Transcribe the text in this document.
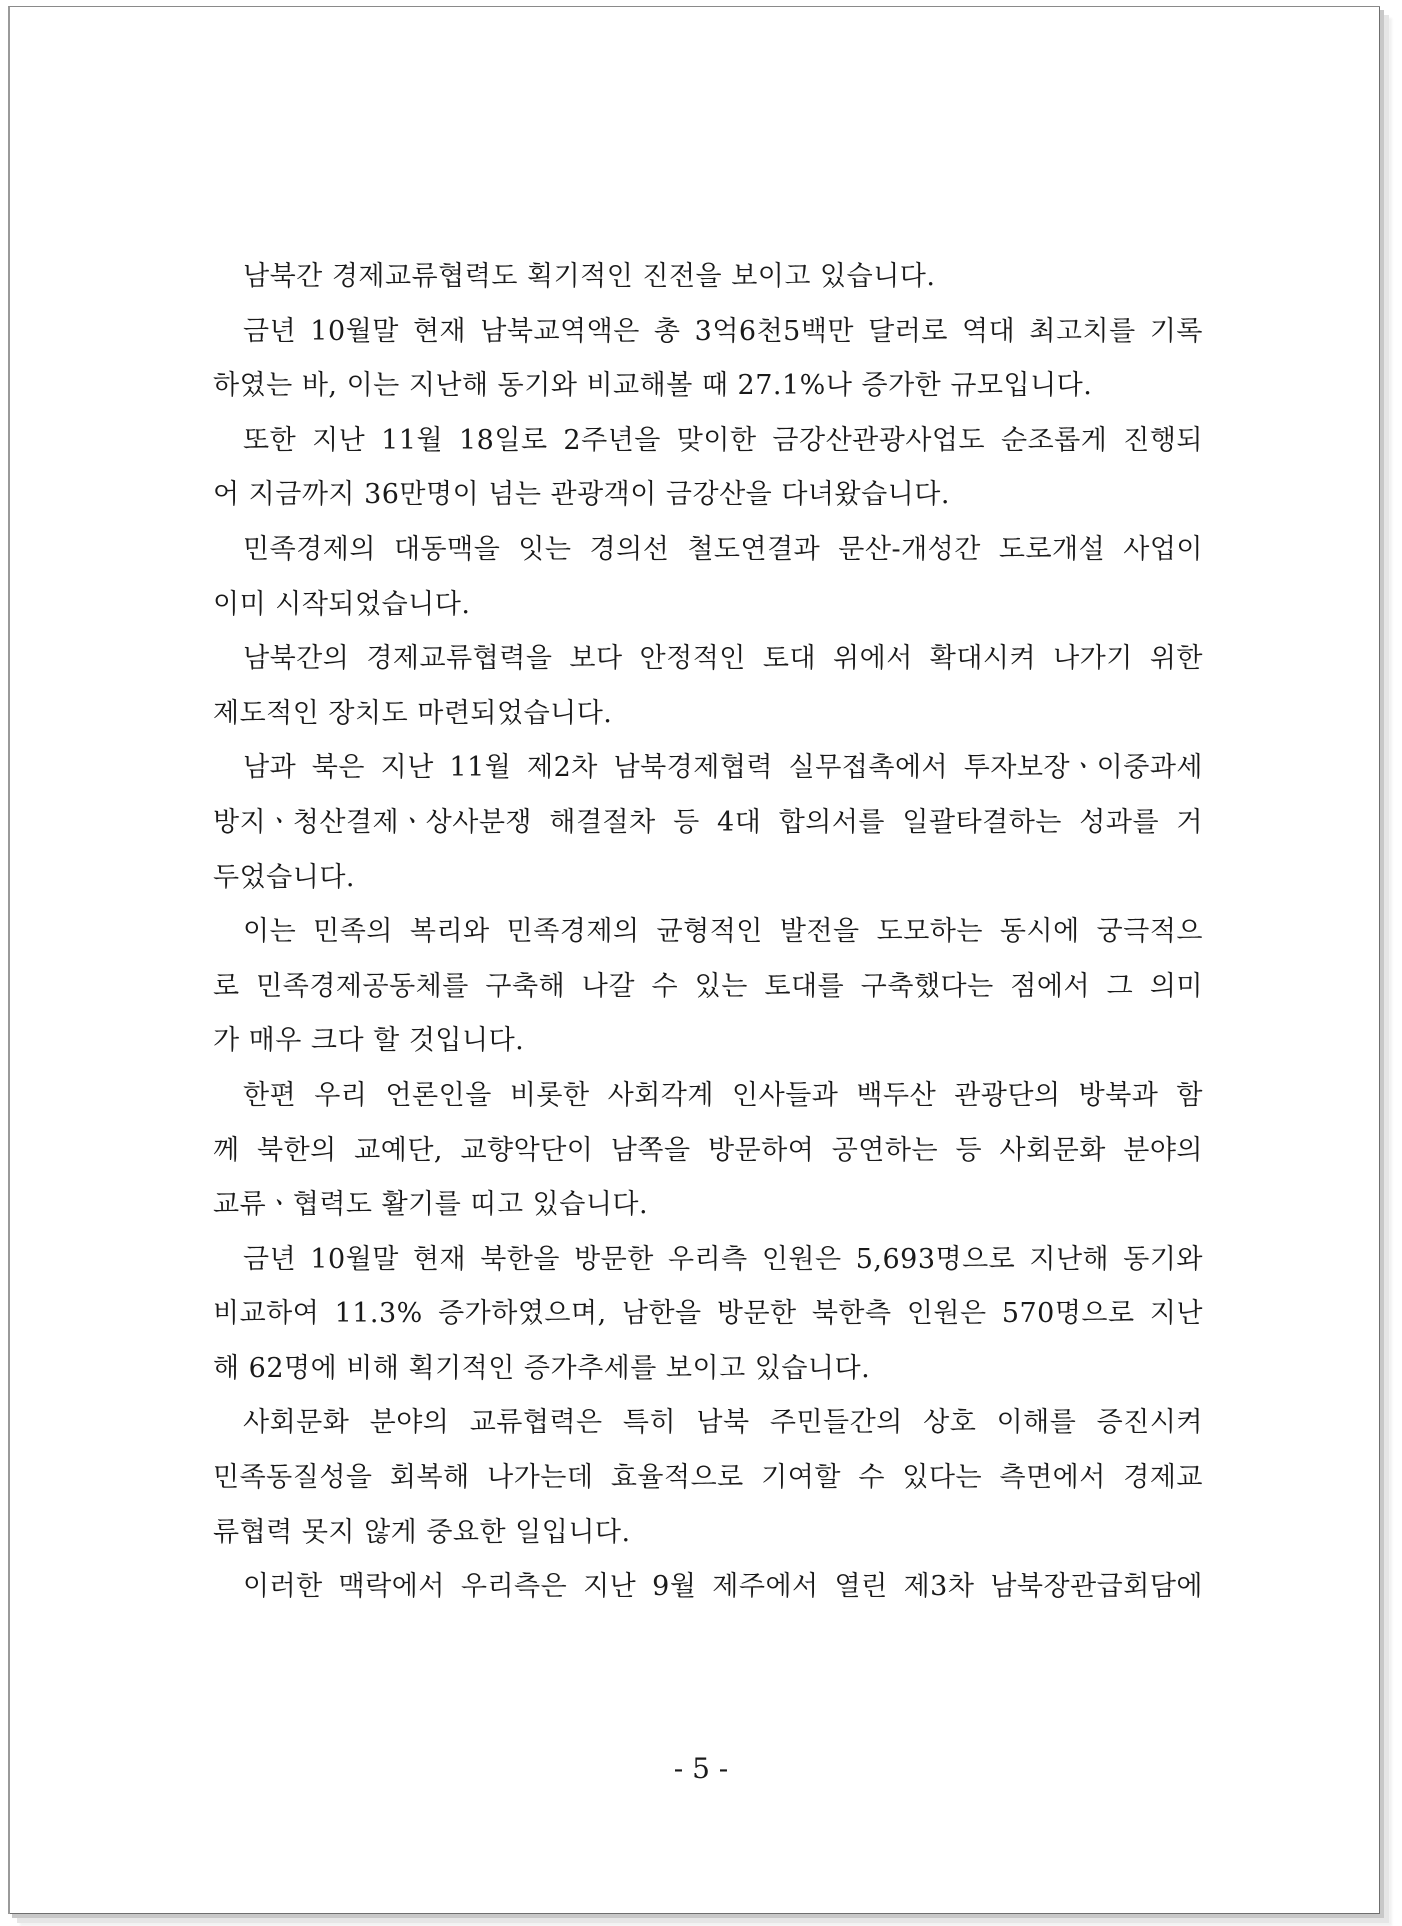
남북간 경제교류협력도 획기적인 진전을 보이고 있습니다.
금년 10월말 현재 남북교역액은 총 3억6천5백만 달러로 역대 최고치를 기록
하였는 바, 이는 지난해 동기와 비교해볼 때 27.1%나 증가한 규모입니다.
또한 지난 11월 18일로 2주년을 맞이한 금강산관광사업도 순조롭게 진행되
어 지금까지 36만명이 넘는 관광객이 금강산을 다녀왔습니다.
민족경제의 대동맥을 잇는 경의선 철도연결과 문산-개성간 도로개설 사업이
이미 시작되었습니다.
남북간의 경제교류협력을 보다 안정적인 토대 위에서 확대시켜 나가기 위한
제도적인 장치도 마련되었습니다.
남과 북은 지난 11월 제2차 남북경제협력 실무접촉에서 투자보장ㆍ이중과세
방지ㆍ청산결제ㆍ상사분쟁 해결절차 등 4대 합의서를 일괄타결하는 성과를 거
두었습니다.
이는 민족의 복리와 민족경제의 균형적인 발전을 도모하는 동시에 궁극적으
로 민족경제공동체를 구축해 나갈 수 있는 토대를 구축했다는 점에서 그 의미
가 매우 크다 할 것입니다.
한편 우리 언론인을 비롯한 사회각계 인사들과 백두산 관광단의 방북과 함
께 북한의 교예단, 교향악단이 남쪽을 방문하여 공연하는 등 사회문화 분야의
교류ㆍ협력도 활기를 띠고 있습니다.
금년 10월말 현재 북한을 방문한 우리측 인원은 5,693명으로 지난해 동기와
비교하여 11.3% 증가하였으며, 남한을 방문한 북한측 인원은 570명으로 지난
해 62명에 비해 획기적인 증가추세를 보이고 있습니다.
사회문화 분야의 교류협력은 특히 남북 주민들간의 상호 이해를 증진시켜
민족동질성을 회복해 나가는데 효율적으로 기여할 수 있다는 측면에서 경제교
류협력 못지 않게 중요한 일입니다.
이러한 맥락에서 우리측은 지난 9월 제주에서 열린 제3차 남북장관급회담에
- 5 -
